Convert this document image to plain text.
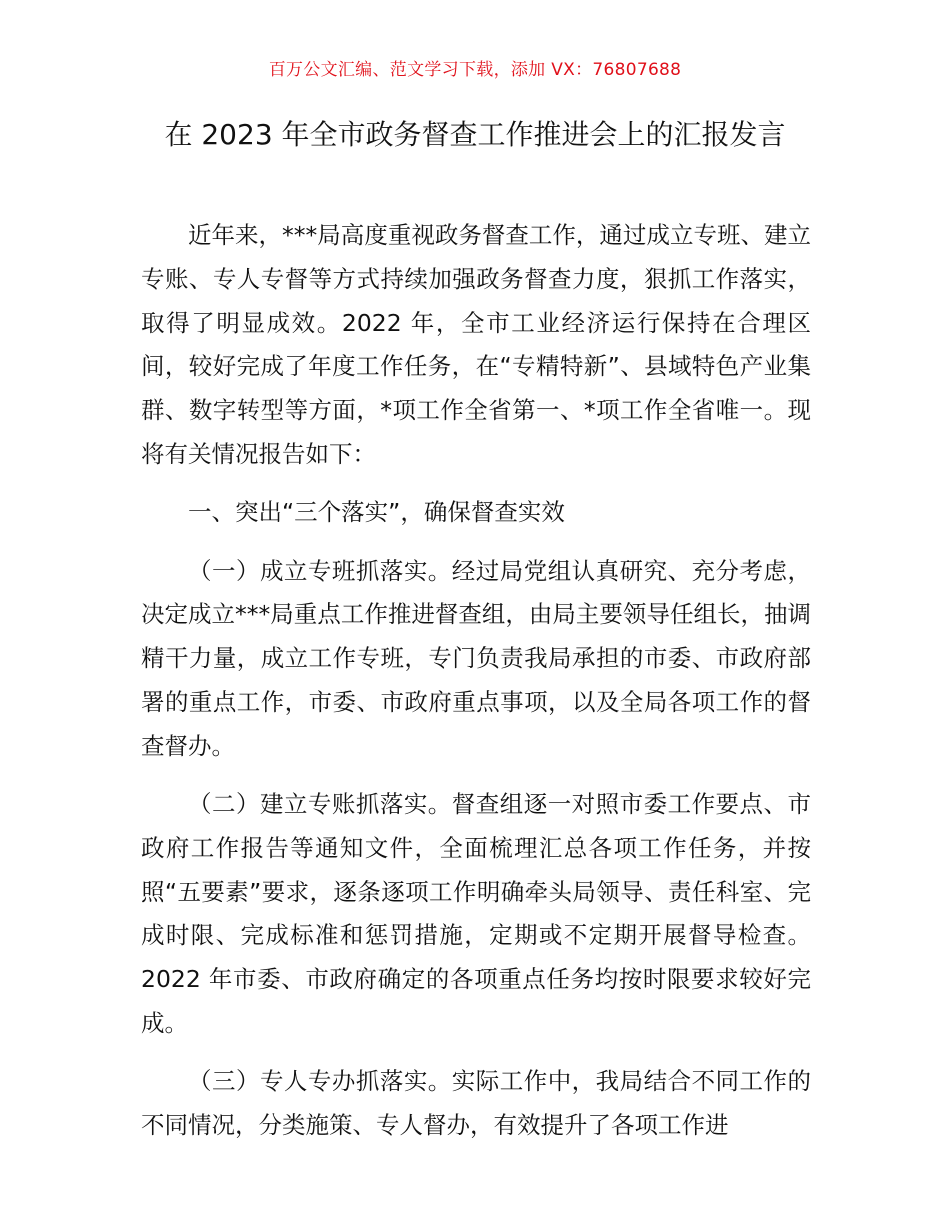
百万公文汇编、范文学习下载，添加 VX：76807688
在 2023 年全市政务督查工作推进会上的汇报发言

近年来，***局高度重视政务督查工作，通过成立专班、建立专账、专人专督等方式持续加强政务督查力度，狠抓工作落实，取得了明显成效。2022 年，全市工业经济运行保持在合理区间，较好完成了年度工作任务，在“专精特新”、县域特色产业集群、数字转型等方面，*项工作全省第一、*项工作全省唯一。现将有关情况报告如下：

一、突出“三个落实”，确保督查实效

（一）成立专班抓落实。经过局党组认真研究、充分考虑，决定成立***局重点工作推进督查组，由局主要领导任组长，抽调精干力量，成立工作专班，专门负责我局承担的市委、市政府部署的重点工作，市委、市政府重点事项，以及全局各项工作的督查督办。

（二）建立专账抓落实。督查组逐一对照市委工作要点、市政府工作报告等通知文件，全面梳理汇总各项工作任务，并按照“五要素”要求，逐条逐项工作明确牵头局领导、责任科室、完成时限、完成标准和惩罚措施，定期或不定期开展督导检查。2022 年市委、市政府确定的各项重点任务均按时限要求较好完成。

（三）专人专办抓落实。实际工作中，我局结合不同工作的不同情况，分类施策、专人督办，有效提升了各项工作进
